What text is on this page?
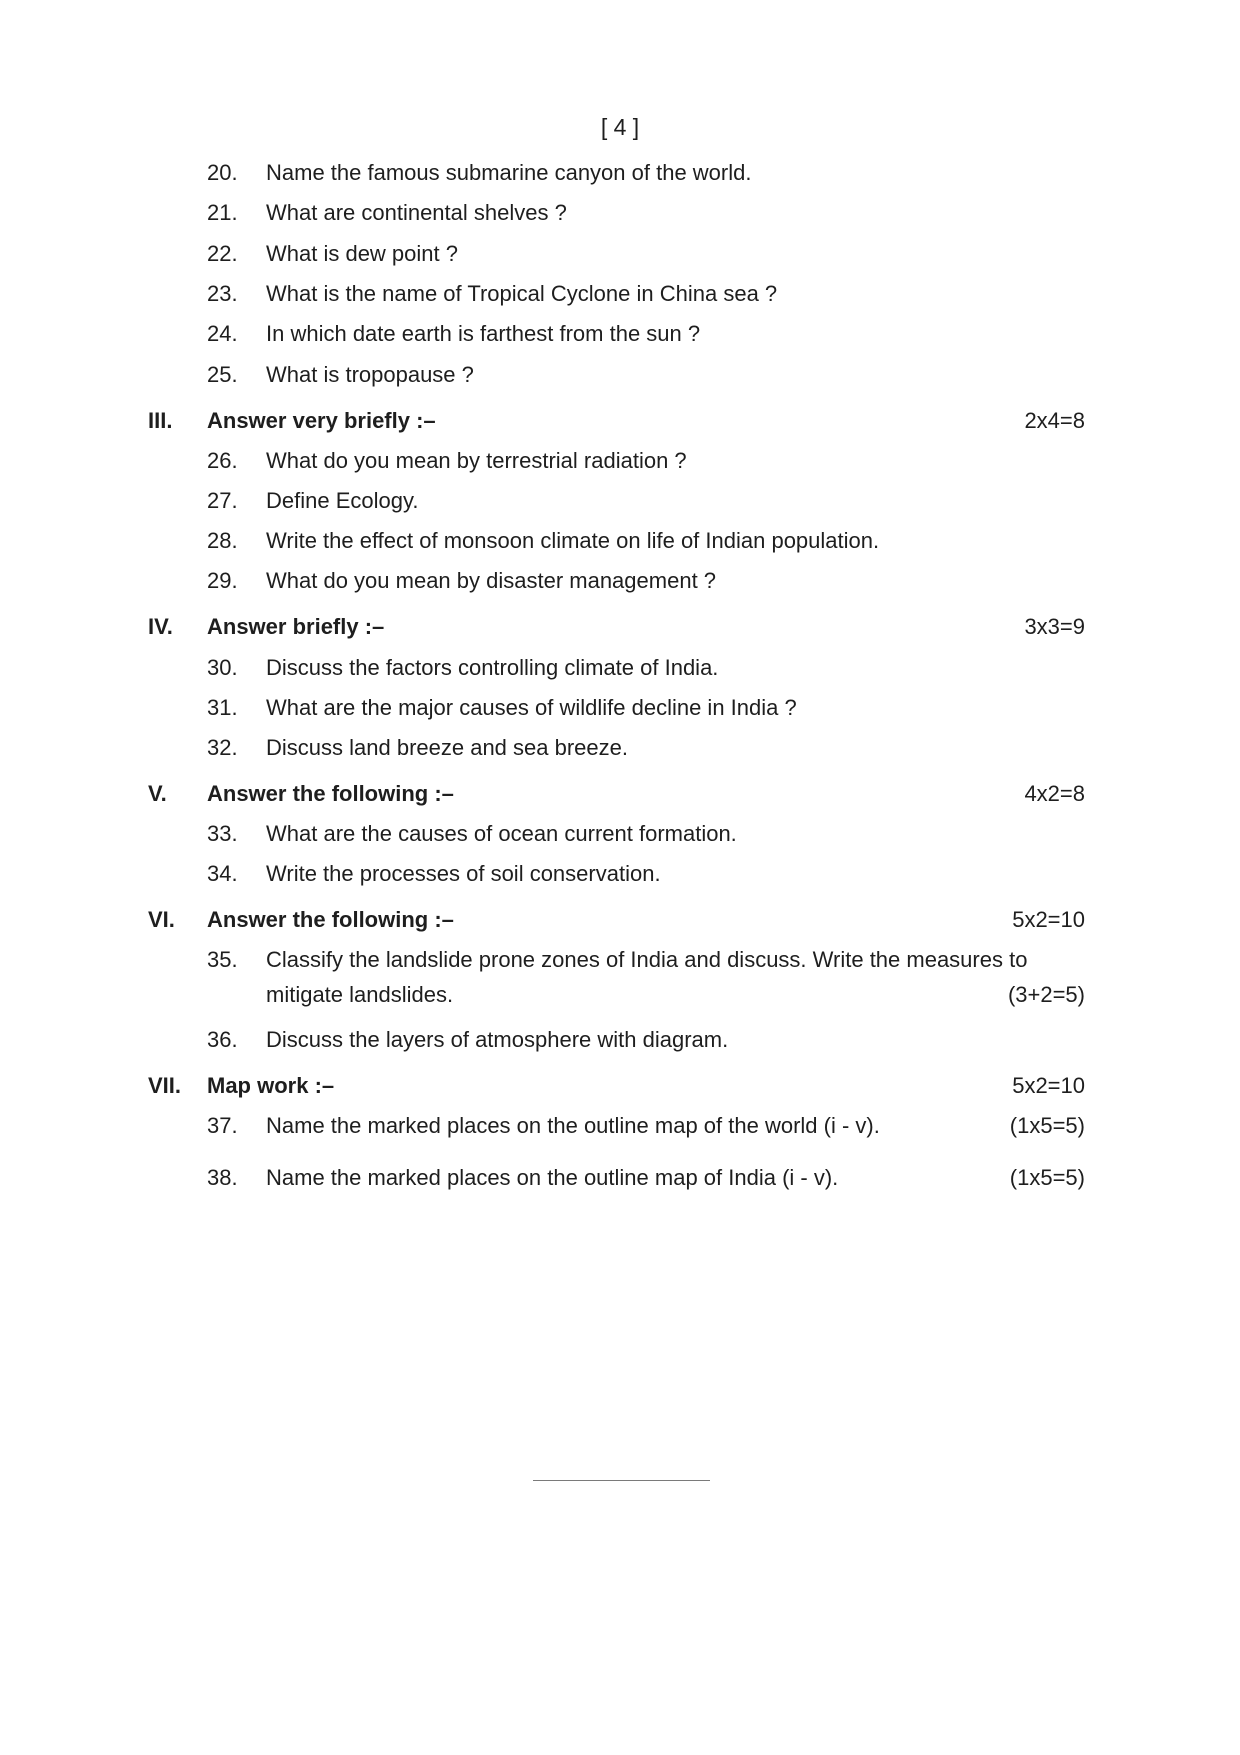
[ 4 ]
20. Name the famous submarine canyon of the world.
21. What are continental shelves ?
22. What is dew point ?
23. What is the name of Tropical Cyclone in China sea ?
24. In which date earth is farthest from the sun ?
25. What is tropopause ?
III. Answer very briefly :–	2x4=8
26. What do you mean by terrestrial radiation ?
27. Define Ecology.
28. Write the effect of monsoon climate on life of Indian population.
29. What do you mean by disaster management ?
IV. Answer briefly :–	3x3=9
30. Discuss the factors controlling climate of India.
31. What are the major causes of wildlife decline in India ?
32. Discuss land breeze and sea breeze.
V. Answer the following :–	4x2=8
33. What are the causes of ocean current formation.
34. Write the processes of soil conservation.
VI. Answer the following :–	5x2=10
35. Classify the landslide prone zones of India and discuss. Write the measures to
mitigate landslides.	(3+2=5)
36. Discuss the layers of atmosphere with diagram.
VII. Map work :–	5x2=10
37. Name the marked places on the outline map of the world (i - v).	(1x5=5)
38. Name the marked places on the outline map of India (i - v).	(1x5=5)
